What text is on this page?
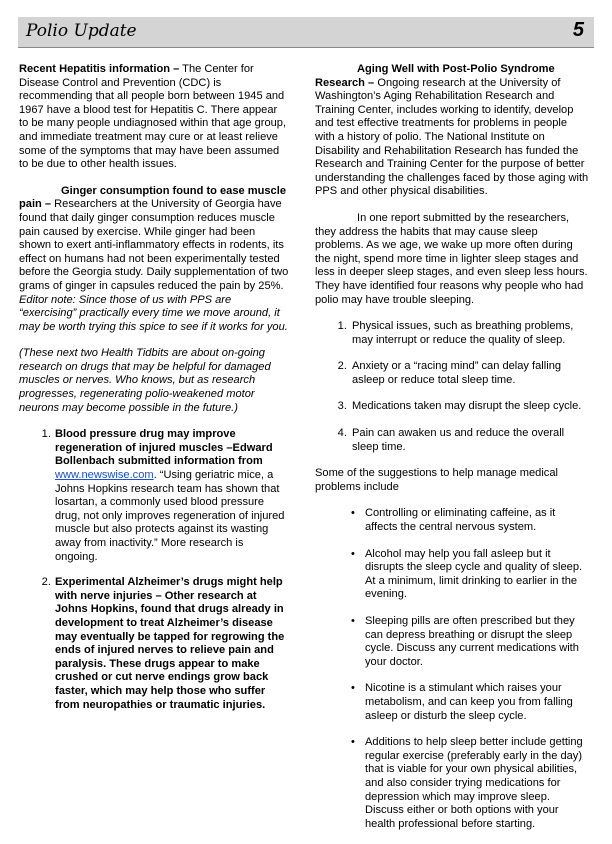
Polio Update	5

Recent Hepatitis information – The Center for Disease Control and Prevention (CDC) is recommending that all people born between 1945 and 1967 have a blood test for Hepatitis C. There appear to be many people undiagnosed within that age group, and immediate treatment may cure or at least relieve some of the symptoms that may have been assumed to be due to other health issues.

Ginger consumption found to ease muscle pain – Researchers at the University of Georgia have found that daily ginger consumption reduces muscle pain caused by exercise. While ginger had been shown to exert anti-inflammatory effects in rodents, its effect on humans had not been experimentally tested before the Georgia study. Daily supplementation of two grams of ginger in capsules reduced the pain by 25%. Editor note: Since those of us with PPS are “exercising” practically every time we move around, it may be worth trying this spice to see if it works for you.

(These next two Health Tidbits are about on-going research on drugs that may be helpful for damaged muscles or nerves. Who knows, but as research progresses, regenerating polio-weakened motor neurons may become possible in the future.)

1. Blood pressure drug may improve regeneration of injured muscles –Edward Bollenbach submitted information from www.newswise.com. “Using geriatric mice, a Johns Hopkins research team has shown that losartan, a commonly used blood pressure drug, not only improves regeneration of injured muscle but also protects against its wasting away from inactivity.” More research is ongoing.
2. Experimental Alzheimer’s drugs might help with nerve injuries – Other research at Johns Hopkins, found that drugs already in development to treat Alzheimer’s disease may eventually be tapped for regrowing the ends of injured nerves to relieve pain and paralysis. These drugs appear to make crushed or cut nerve endings grow back faster, which may help those who suffer from neuropathies or traumatic injuries.

Aging Well with Post-Polio Syndrome Research – Ongoing research at the University of Washington’s Aging Rehabilitation Research and Training Center, includes working to identify, develop and test effective treatments for problems in people with a history of polio. The National Institute on Disability and Rehabilitation Research has funded the Research and Training Center for the purpose of better understanding the challenges faced by those aging with PPS and other physical disabilities.

In one report submitted by the researchers, they address the habits that may cause sleep problems. As we age, we wake up more often during the night, spend more time in lighter sleep stages and less in deeper sleep stages, and even sleep less hours. They have identified four reasons why people who had polio may have trouble sleeping.

1. Physical issues, such as breathing problems, may interrupt or reduce the quality of sleep.
2. Anxiety or a “racing mind” can delay falling asleep or reduce total sleep time.
3. Medications taken may disrupt the sleep cycle.
4. Pain can awaken us and reduce the overall sleep time.

Some of the suggestions to help manage medical problems include

• Controlling or eliminating caffeine, as it affects the central nervous system.
• Alcohol may help you fall asleep but it disrupts the sleep cycle and quality of sleep. At a minimum, limit drinking to earlier in the evening.
• Sleeping pills are often prescribed but they can depress breathing or disrupt the sleep cycle. Discuss any current medications with your doctor.
• Nicotine is a stimulant which raises your metabolism, and can keep you from falling asleep or disturb the sleep cycle.
• Additions to help sleep better include getting regular exercise (preferably early in the day) that is viable for your own physical abilities, and also consider trying medications for depression which may improve sleep. Discuss either or both options with your health professional before starting.
